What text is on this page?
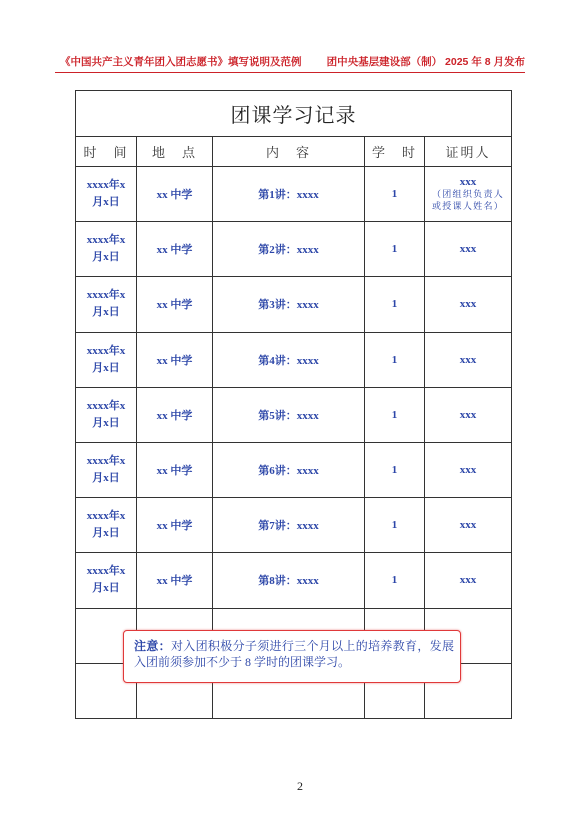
《中国共产主义青年团入团志愿书》填写说明及范例 团中央基层建设部（制） 2025 年 8 月发布
团课学习记录				
时　间	地　点	内　容	学　时	证明人
xxxx年x月x日	xx 中学	第1讲：xxxx	1	xxx
（团组织负责人或授课人姓名）

xxxx年x月x日	xx 中学	第2讲：xxxx	1	xxx

xxxx年x月x日	xx 中学	第3讲：xxxx	1	xxx

xxxx年x月x日	xx 中学	第4讲：xxxx	1	xxx

xxxx年x月x日	xx 中学	第5讲：xxxx	1	xxx

xxxx年x月x日	xx 中学	第6讲：xxxx	1	xxx

xxxx年x月x日	xx 中学	第7讲：xxxx	1	xxx

xxxx年x月x日	xx 中学	第8讲：xxxx	1	xxx

注意：对入团积极分子须进行三个月以上的培养教育，发展入团前须参加不少于 8 学时的团课学习。
2
